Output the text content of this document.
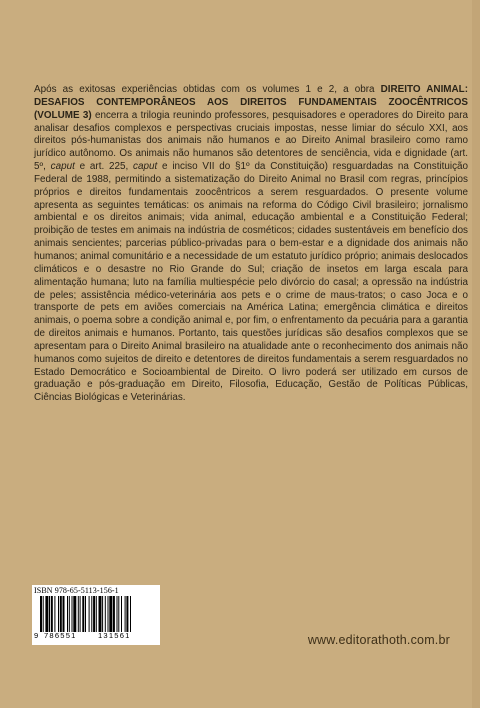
Após as exitosas experiências obtidas com os volumes 1 e 2, a obra DIREITO ANIMAL: DESAFIOS CONTEMPORÂNEOS AOS DIREITOS FUNDAMENTAIS ZOOCÊNTRICOS (VOLUME 3) encerra a trilogia reunindo professores, pesquisadores e operadores do Direito para analisar desafios complexos e perspectivas cruciais impostas, nesse limiar do século XXI, aos direitos pós-humanistas dos animais não humanos e ao Direito Animal brasileiro como ramo jurídico autônomo. Os animais não humanos são detentores de senciência, vida e dignidade (art. 5º, caput e art. 225, caput e inciso VII do §1º da Constituição) resguardadas na Constituição Federal de 1988, permitindo a sistematização do Direito Animal no Brasil com regras, princípios próprios e direitos fundamentais zoocêntricos a serem resguardados. O presente volume apresenta as seguintes temáticas: os animais na reforma do Código Civil brasileiro; jornalismo ambiental e os direitos animais; vida animal, educação ambiental e a Constituição Federal; proibição de testes em animais na indústria de cosméticos; cidades sustentáveis em benefício dos animais sencientes; parcerias público-privadas para o bem-estar e a dignidade dos animais não humanos; animal comunitário e a necessidade de um estatuto jurídico próprio; animais deslocados climáticos e o desastre no Rio Grande do Sul; criação de insetos em larga escala para alimentação humana; luto na família multiespécie pelo divórcio do casal; a opressão na indústria de peles; assistência médico-veterinária aos pets e o crime de maus-tratos; o caso Joca e o transporte de pets em aviões comerciais na América Latina; emergência climática e direitos animais, o poema sobre a condição animal e, por fim, o enfrentamento da pecuária para a garantia de direitos animais e humanos. Portanto, tais questões jurídicas são desafios complexos que se apresentam para o Direito Animal brasileiro na atualidade ante o reconhecimento dos animais não humanos como sujeitos de direito e detentores de direitos fundamentais a serem resguardados no Estado Democrático e Socioambiental de Direito. O livro poderá ser utilizado em cursos de graduação e pós-graduação em Direito, Filosofia, Educação, Gestão de Políticas Públicas, Ciências Biológicas e Veterinárias.
ISBN 978-65-5113-156-1
9 786551	131561	www.editorathoth.com.br
